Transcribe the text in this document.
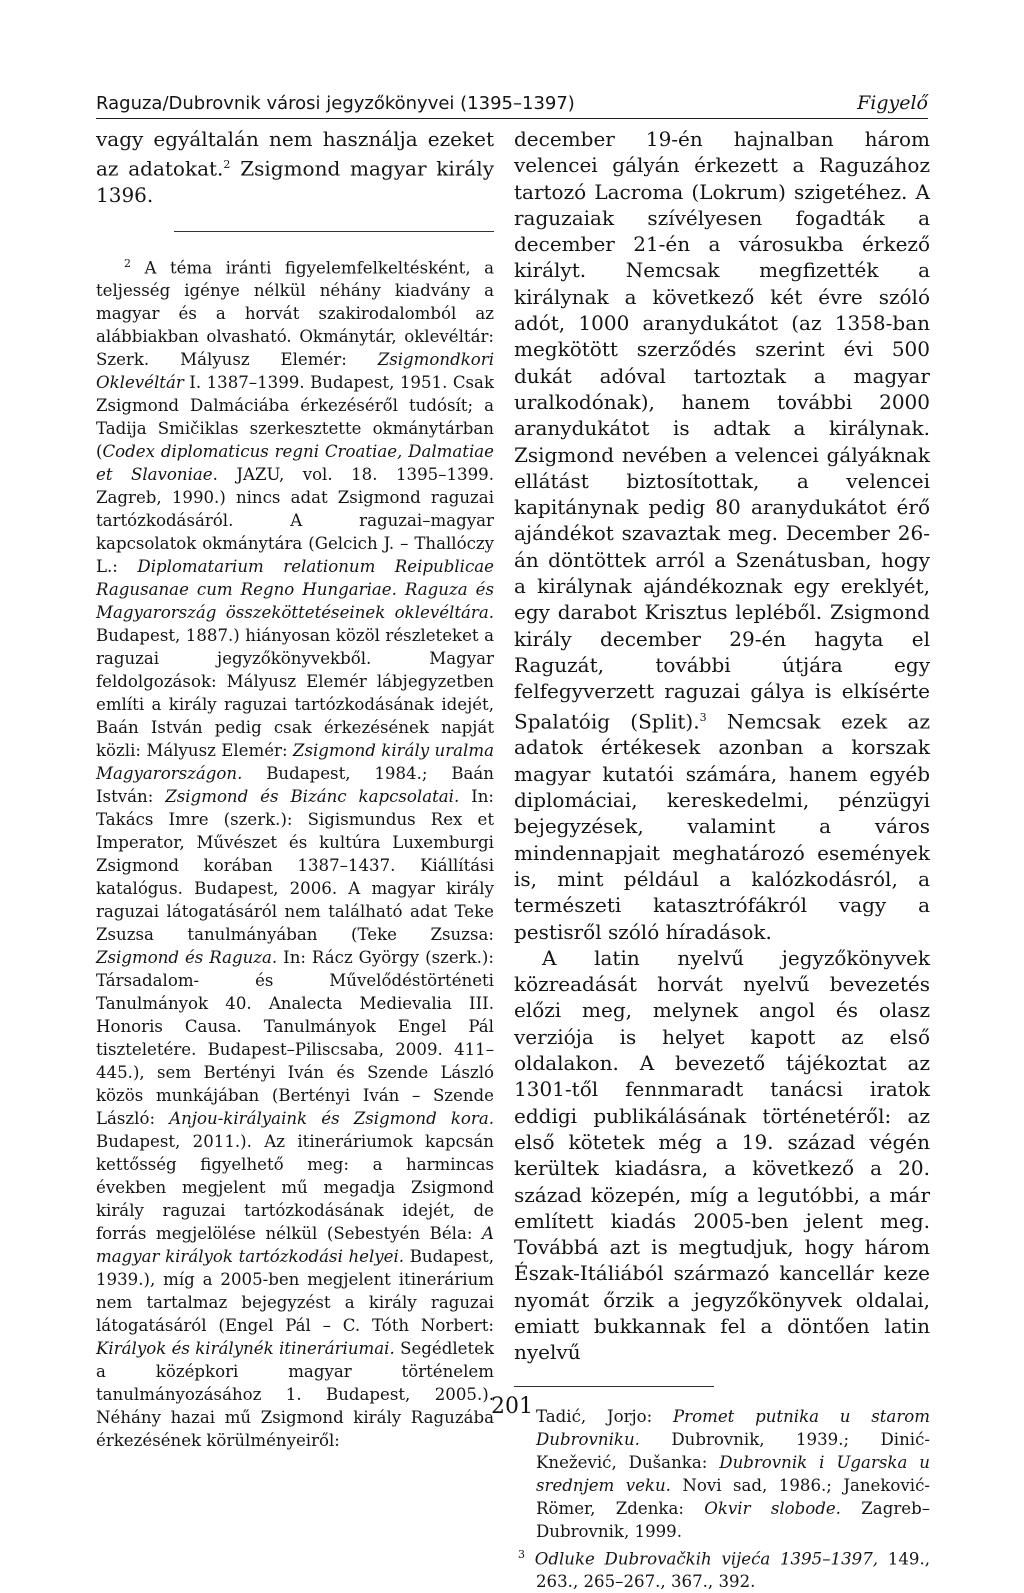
Raguza/Dubrovnik városi jegyzőkönyvei (1395–1397)	Figyelő

vagy egyáltalán nem használja ezeket az adatokat.$^2$ Zsigmond magyar király 1396.

$^2$ A téma iránti figyelemfelkeltésként, a teljesség igénye nélkül néhány kiadvány a magyar és a horvát szakirodalomból az alábbiakban olvasható. Okmánytár, oklevéltár: Szerk. Mályusz Elemér: Zsigmondkori Oklevéltár I. 1387–1399. Budapest, 1951. Csak Zsigmond Dalmáciába érkezéséről tudósít; a Tadija Smičiklas szerkesztette okmánytárban (Codex diplomaticus regni Croatiae, Dalmatiae et Slavoniae. JAZU, vol. 18. 1395–1399. Zagreb, 1990.) nincs adat Zsigmond raguzai tartózkodásáról. A raguzai–magyar kapcsolatok okmánytára (Gelcich J. – Thallóczy L.: Diplomatarium relationum Reipublicae Ragusanae cum Regno Hungariae. Raguza és Magyarország összeköttetéseinek oklevéltára. Budapest, 1887.) hiányosan közöl részleteket a raguzai jegyzőkönyvekből. Magyar feldolgozások: Mályusz Elemér lábjegyzetben említi a király raguzai tartózkodásának idejét, Baán István pedig csak érkezésének napját közli: Mályusz Elemér: Zsigmond király uralma Magyarországon. Budapest, 1984.; Baán István: Zsigmond és Bizánc kapcsolatai. In: Takács Imre (szerk.): Sigismundus Rex et Imperator, Művészet és kultúra Luxemburgi Zsigmond korában 1387–1437. Kiállítási katalógus. Budapest, 2006. A magyar király raguzai látogatásáról nem található adat Teke Zsuzsa tanulmányában (Teke Zsuzsa: Zsigmond és Raguza. In: Rácz György (szerk.): Társadalom- és Művelődéstörténeti Tanulmányok 40. Analecta Medievalia III. Honoris Causa. Tanulmányok Engel Pál tiszteletére. Budapest–Piliscsaba, 2009. 411–445.), sem Bertényi Iván és Szende László közös munkájában (Bertényi Iván – Szende László: Anjou-királyaink és Zsigmond kora. Budapest, 2011.). Az itineráriumok kapcsán kettősség figyelhető meg: a harmincas években megjelent mű megadja Zsigmond király raguzai tartózkodásának idejét, de forrás megjelölése nélkül (Sebestyén Béla: A magyar királyok tartózkodási helyei. Budapest, 1939.), míg a 2005-ben megjelent itinerárium nem tartalmaz bejegyzést a király raguzai látogatásáról (Engel Pál – C. Tóth Norbert: Királyok és királynék itineráriumai. Segédletek a középkori magyar történelem tanulmányozásához 1. Budapest, 2005.). Néhány hazai mű Zsigmond király Raguzába érkezésének körülményeiről:

december 19-én hajnalban három velencei gályán érkezett a Raguzához tartozó Lacroma (Lokrum) szigetéhez. A raguzaiak szívélyesen fogadták a december 21-én a városukba érkező királyt. Nemcsak megfizették a királynak a következő két évre szóló adót, 1000 aranydukátot (az 1358-ban megkötött szerződés szerint évi 500 dukát adóval tartoztak a magyar uralkodónak), hanem további 2000 aranydukátot is adtak a királynak. Zsigmond nevében a velencei gályáknak ellátást biztosítottak, a velencei kapitánynak pedig 80 aranydukátot érő ajándékot szavaztak meg. December 26-án döntöttek arról a Szenátusban, hogy a királynak ajándékoznak egy ereklyét, egy darabot Krisztus lepléből. Zsigmond király december 29-én hagyta el Raguzát, további útjára egy felfegyverzett raguzai gálya is elkísérte Spalatóig (Split).$^3$ Nemcsak ezek az adatok értékesek azonban a korszak magyar kutatói számára, hanem egyéb diplomáciai, kereskedelmi, pénzügyi bejegyzések, valamint a város mindennapjait meghatározó események is, mint például a kalózkodásról, a természeti katasztrófákról vagy a pestisről szóló híradások.

A latin nyelvű jegyzőkönyvek közreadását horvát nyelvű bevezetés előzi meg, melynek angol és olasz verziója is helyet kapott az első oldalakon. A bevezető tájékoztat az 1301-től fennmaradt tanácsi iratok eddigi publikálásának történetéről: az első kötetek még a 19. század végén kerültek kiadásra, a következő a 20. század közepén, míg a legutóbbi, a már említett kiadás 2005-ben jelent meg. Továbbá azt is megtudjuk, hogy három Észak-Itáliából származó kancellár keze nyomát őrzik a jegyzőkönyvek oldalai, emiatt bukkannak fel a döntően latin nyelvű

Tadić, Jorjo: Promet putnika u starom Dubrovniku. Dubrovnik, 1939.; Dinić-Knežević, Dušanka: Dubrovnik i Ugarska u srednjem veku. Novi sad, 1986.; Janeković-Römer, Zdenka: Okvir slobode. Zagreb–Dubrovnik, 1999.

$^3$ Odluke Dubrovačkih vijeća 1395–1397, 149., 263., 265–267., 367., 392.

201
